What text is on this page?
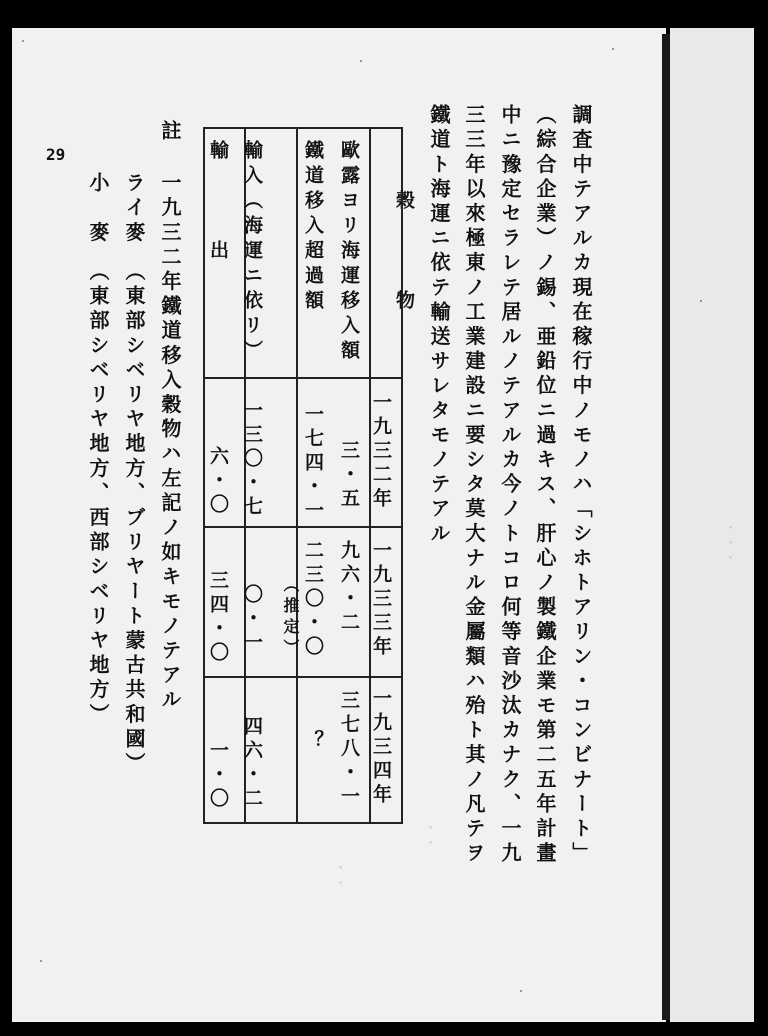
・・・
・・
・・
29	調査中テアルカ現在稼行中ノモノハ「シホトアリン・コンビナート」
（綜合企業）ノ錫、亜鉛位ニ過キス、肝心ノ製鐵企業モ第二五年計畫
中ニ豫定セラレテ居ルノテアルカ今ノトコロ何等音沙汰カナク、一九
三三年以來極東ノ工業建設ニ要シタ莫大ナル金屬類ハ殆ト其ノ凡テヲ
鐵道ト海運ニ依テ輸送サレタモノテアル
穀　　　物
一九三二年
一九三三年
一九三四年
歐露ヨリ海運移入額
鐵道移入超過額
三・五
一七四・一
九六・二
二三〇・〇
（推定）
三七八・一
？
輸入（海運ニ依リ）
一三〇・七
〇・一
四六・二
輸　　　出
六・〇
三四・〇
一・〇
註
一九三二年鐵道移入穀物ハ左記ノ如キモノテアル
ライ麥　（東部シベリヤ地方、ブリヤート蒙古共和國）
小　麥　（東部シベリヤ地方、西部シベリヤ地方）
